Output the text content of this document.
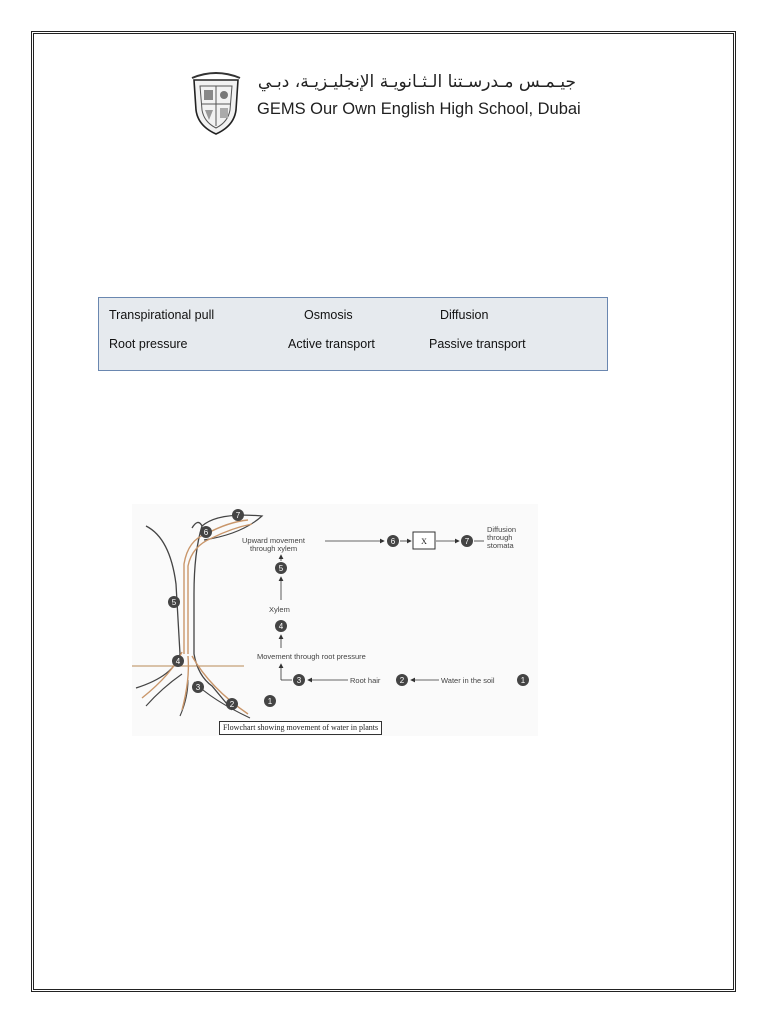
جيـمـس مـدرسـتنا الـثـانويـة الإنجليـزيـة، دبـي
GEMS Our Own English High School, Dubai
Transpirational pull	Osmosis	Diffusion
Root pressure	Active transport	Passive transport
7
6
5
4
3
2	1
Upward movement
through xylem
6	X	7
Diffusion
through
stomata
5
Xylem
4
Movement through root pressure
3	Root hair 2	Water in the soil	1
Flowchart showing movement of water in plants
